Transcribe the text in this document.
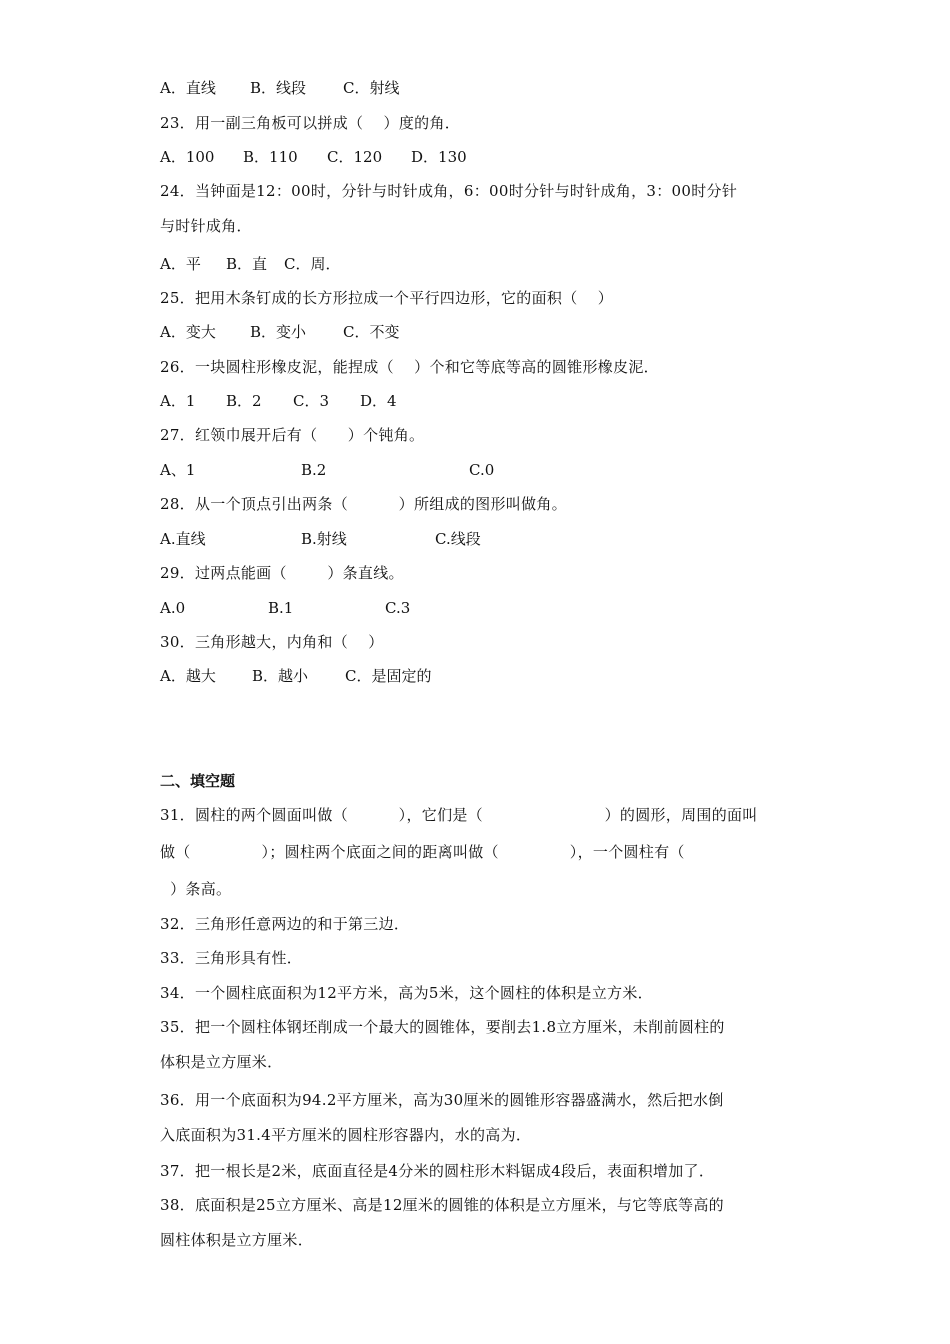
A．直线 B．线段 C．射线
23．用一副三角板可以拼成（    ）度的角．
A．100 B．110 C．120 D．130
24．当钟面是12：00时，分针与时针成角，6：00时分针与时针成角，3：00时分针
与时针成角．
A．平 B．直 C．周．
25．把用木条钉成的长方形拉成一个平行四边形，它的面积（    ）
A．变大 B．变小 C．不变
26．一块圆柱形橡皮泥，能捏成（    ）个和它等底等高的圆锥形橡皮泥．
A．1 B．2 C．3 D．4
27．红领巾展开后有（      ）个钝角。
A、1	B.2	C.0
28．从一个顶点引出两条（          ）所组成的图形叫做角。
A.直线	B.射线	C.线段
29．过两点能画（        ）条直线。
A.0	B.1	C.3
30．三角形越大，内角和（    ）
A．越大 B．越小 C．是固定的
二、填空题
31．圆柱的两个圆面叫做（          ），它们是（                        ）的圆形，周围的面叫
做（              ）；圆柱两个底面之间的距离叫做（              ），一个圆柱有（
）条高。
32．三角形任意两边的和于第三边．
33．三角形具有性．
34．一个圆柱底面积为12平方米，高为5米，这个圆柱的体积是立方米．
35．把一个圆柱体钢坯削成一个最大的圆锥体，要削去1.8立方厘米，未削前圆柱的
体积是立方厘米．
36．用一个底面积为94.2平方厘米，高为30厘米的圆锥形容器盛满水，然后把水倒
入底面积为31.4平方厘米的圆柱形容器内，水的高为．
37．把一根长是2米，底面直径是4分米的圆柱形木料锯成4段后，表面积增加了．
38．底面积是25立方厘米、高是12厘米的圆锥的体积是立方厘米，与它等底等高的
圆柱体积是立方厘米．
